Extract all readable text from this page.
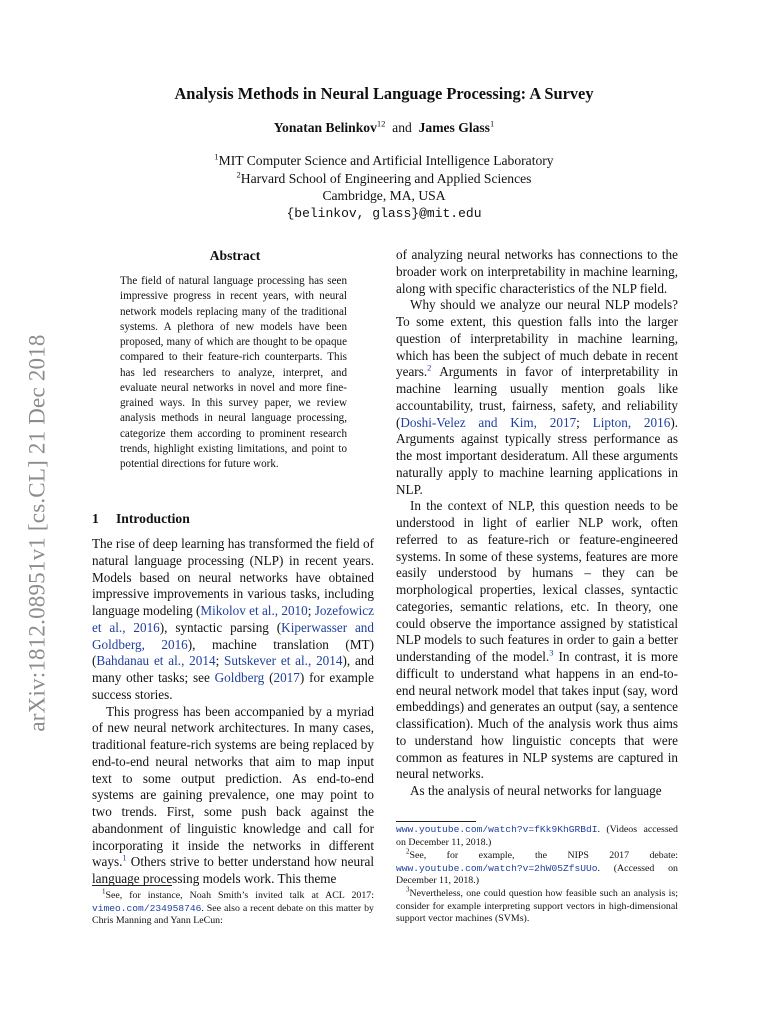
arXiv:1812.08951v1 [cs.CL] 21 Dec 2018
Analysis Methods in Neural Language Processing: A Survey
Yonatan Belinkov$^{12}$ and James Glass$^1$
$^1$MIT Computer Science and Artificial Intelligence Laboratory
$^2$Harvard School of Engineering and Applied Sciences
Cambridge, MA, USA
{belinkov, glass}@mit.edu
Abstract
The field of natural language processing has seen impressive progress in recent years, with neural network models replacing many of the traditional systems. A plethora of new models have been proposed, many of which are thought to be opaque compared to their feature-rich counterparts. This has led researchers to analyze, interpret, and evaluate neural networks in novel and more fine-grained ways. In this survey paper, we review analysis methods in neural language processing, categorize them according to prominent research trends, highlight existing limitations, and point to potential directions for future work.
1 Introduction

The rise of deep learning has transformed the field of natural language processing (NLP) in recent years. Models based on neural networks have obtained impressive improvements in various tasks, including language modeling (Mikolov et al., 2010; Jozefowicz et al., 2016), syntactic parsing (Kiperwasser and Goldberg, 2016), machine translation (MT) (Bahdanau et al., 2014; Sutskever et al., 2014), and many other tasks; see Goldberg (2017) for example success stories.

This progress has been accompanied by a myriad of new neural network architectures. In many cases, traditional feature-rich systems are being replaced by end-to-end neural networks that aim to map input text to some output prediction. As end-to-end systems are gaining prevalence, one may point to two trends. First, some push back against the abandonment of linguistic knowledge and call for incorporating it inside the networks in different ways.$^1$ Others strive to better understand how neural language processing models work. This theme

of analyzing neural networks has connections to the broader work on interpretability in machine learning, along with specific characteristics of the NLP field.

Why should we analyze our neural NLP models? To some extent, this question falls into the larger question of interpretability in machine learning, which has been the subject of much debate in recent years.$^2$ Arguments in favor of interpretability in machine learning usually mention goals like accountability, trust, fairness, safety, and reliability (Doshi-Velez and Kim, 2017; Lipton, 2016). Arguments against typically stress performance as the most important desideratum. All these arguments naturally apply to machine learning applications in NLP.

In the context of NLP, this question needs to be understood in light of earlier NLP work, often referred to as feature-rich or feature-engineered systems. In some of these systems, features are more easily understood by humans – they can be morphological properties, lexical classes, syntactic categories, semantic relations, etc. In theory, one could observe the importance assigned by statistical NLP models to such features in order to gain a better understanding of the model.$^3$ In contrast, it is more difficult to understand what happens in an end-to-end neural network model that takes input (say, word embeddings) and generates an output (say, a sentence classification). Much of the analysis work thus aims to understand how linguistic concepts that were common as features in NLP systems are captured in neural networks.

As the analysis of neural networks for language

$^1$See, for instance, Noah Smith’s invited talk at ACL 2017: vimeo.com/234958746. See also a recent debate on this matter by Chris Manning and Yann LeCun:
www.youtube.com/watch?v=fKk9KhGRBdI. (Videos accessed on December 11, 2018.)
$^2$See, for example, the NIPS 2017 debate: www.youtube.com/watch?v=2hW05ZfsUUo. (Accessed on December 11, 2018.)
$^3$Nevertheless, one could question how feasible such an analysis is; consider for example interpreting support vectors in high-dimensional support vector machines (SVMs).
